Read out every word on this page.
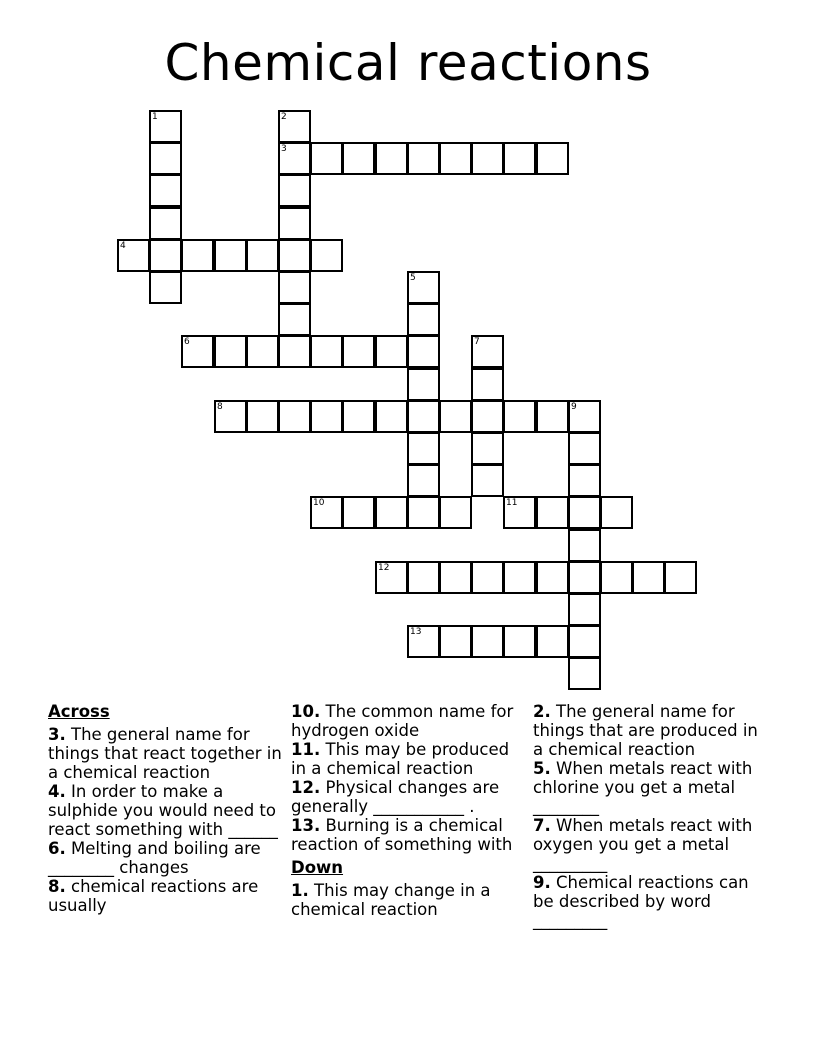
Chemical reactions
1	2
3
4
5
6	7
8	9
10	11
12
13
Across
3. The general name for things that react together in a chemical reaction
4. In order to make a sulphide you would need to react something with ______
6. Melting and boiling are ________ changes
8. chemical reactions are usually
10. The common name for hydrogen oxide
11. This may be produced in a chemical reaction
12. Physical changes are generally ___________ .
13. Burning is a chemical reaction of something with
Down
1. This may change in a chemical reaction
2. The general name for things that are produced in a chemical reaction
5. When metals react with chlorine you get a metal ________
7. When metals react with oxygen you get a metal _________
9. Chemical reactions can be described by word _________
